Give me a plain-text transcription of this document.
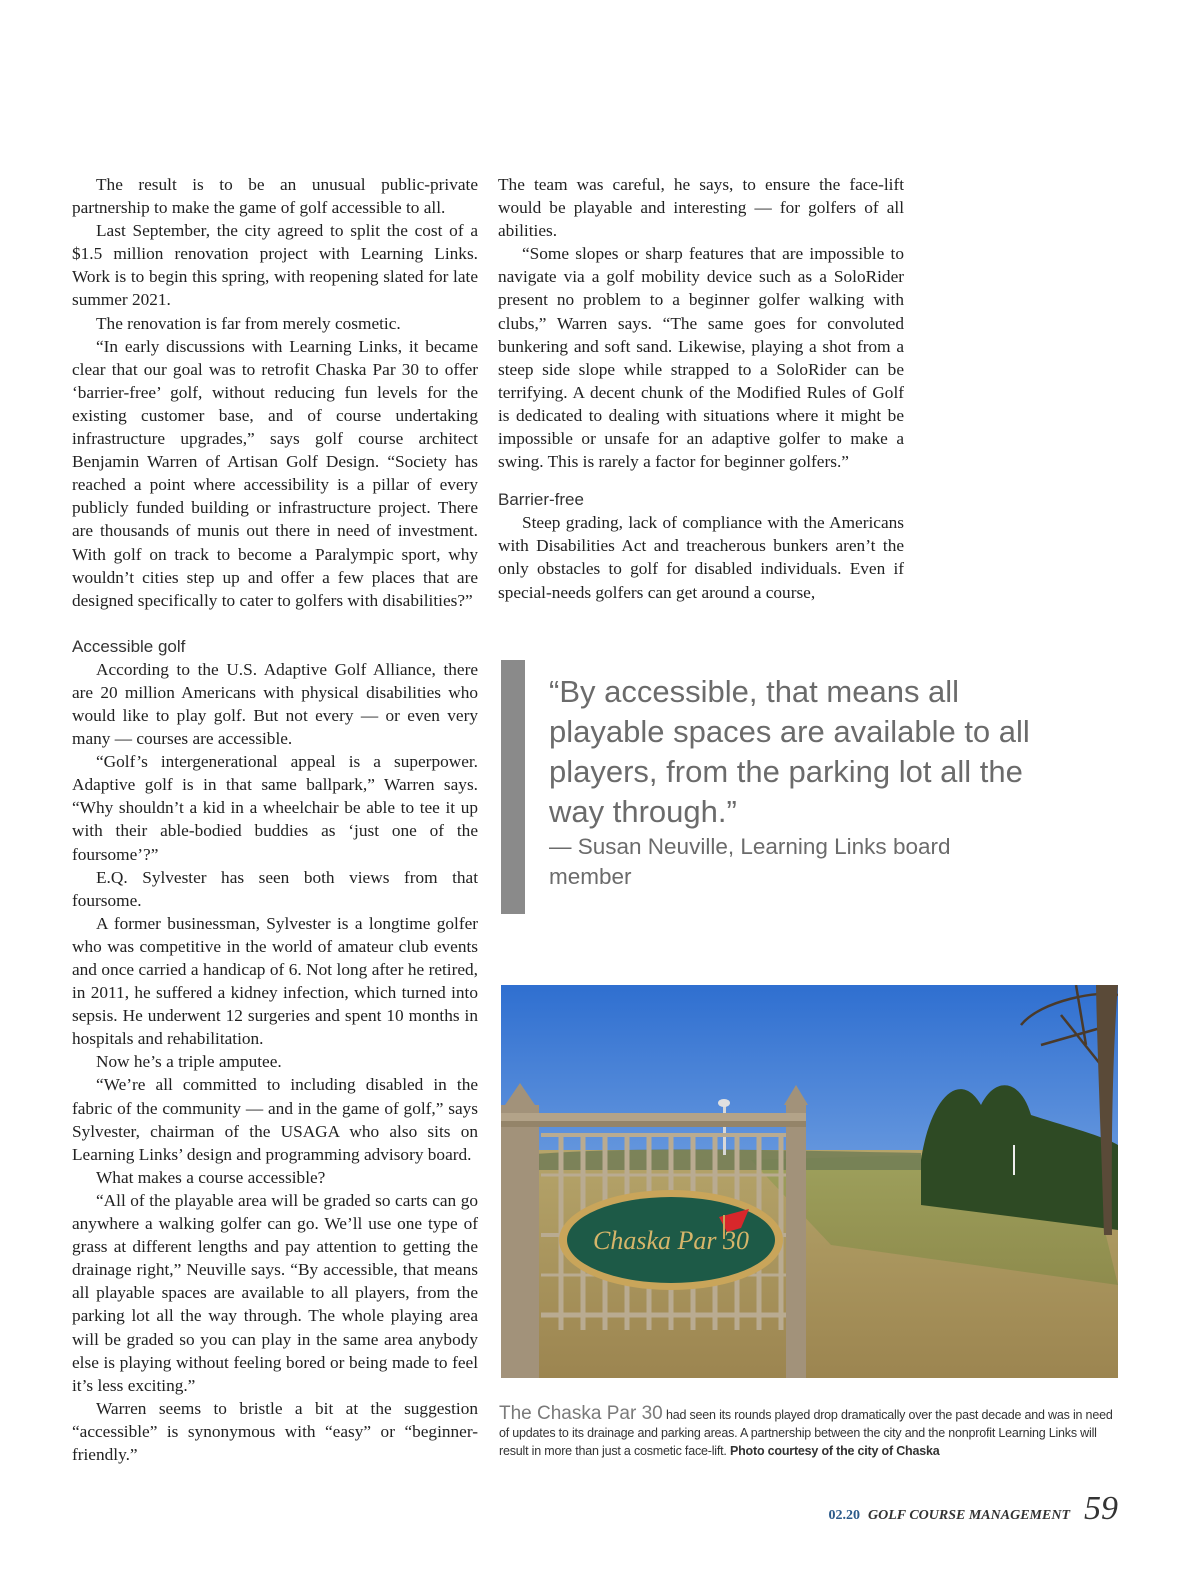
The result is to be an unusual public-private partnership to make the game of golf accessible to all.

Last September, the city agreed to split the cost of a $1.5 million renovation project with Learning Links. Work is to begin this spring, with reopening slated for late summer 2021.

The renovation is far from merely cosmetic.

“In early discussions with Learning Links, it became clear that our goal was to retrofit Chaska Par 30 to offer ‘barrier-free’ golf, without reducing fun levels for the existing customer base, and of course undertaking infrastructure upgrades,” says golf course architect Benjamin Warren of Artisan Golf Design. “Society has reached a point where accessibility is a pillar of every publicly funded building or infrastructure project. There are thousands of munis out there in need of investment. With golf on track to become a Paralympic sport, why wouldn’t cities step up and offer a few places that are designed specifically to cater to golfers with disabilities?”

Accessible golf

According to the U.S. Adaptive Golf Alliance, there are 20 million Americans with physical disabilities who would like to play golf. But not every — or even very many — courses are accessible.

“Golf’s intergenerational appeal is a superpower. Adaptive golf is in that same ballpark,” Warren says. “Why shouldn’t a kid in a wheelchair be able to tee it up with their able-bodied buddies as ‘just one of the foursome’?”

E.Q. Sylvester has seen both views from that foursome.

A former businessman, Sylvester is a longtime golfer who was competitive in the world of amateur club events and once carried a handicap of 6. Not long after he retired, in 2011, he suffered a kidney infection, which turned into sepsis. He underwent 12 surgeries and spent 10 months in hospitals and rehabilitation.

Now he’s a triple amputee.

“We’re all committed to including disabled in the fabric of the community — and in the game of golf,” says Sylvester, chairman of the USAGA who also sits on Learning Links’ design and programming advisory board.

What makes a course accessible?

“All of the playable area will be graded so carts can go anywhere a walking golfer can go. We’ll use one type of grass at different lengths and pay attention to getting the drainage right,” Neuville says. “By accessible, that means all playable spaces are available to all players, from the parking lot all the way through. The whole playing area will be graded so you can play in the same area anybody else is playing without feeling bored or being made to feel it’s less exciting.”

Warren seems to bristle a bit at the suggestion “accessible” is synonymous with “easy” or “beginner-friendly.”

The team was careful, he says, to ensure the face-lift would be playable and interesting — for golfers of all abilities.

“Some slopes or sharp features that are impossible to navigate via a golf mobility device such as a SoloRider present no problem to a beginner golfer walking with clubs,” Warren says. “The same goes for convoluted bunkering and soft sand. Likewise, playing a shot from a steep side slope while strapped to a SoloRider can be terrifying. A decent chunk of the Modified Rules of Golf is dedicated to dealing with situations where it might be impossible or unsafe for an adaptive golfer to make a swing. This is rarely a factor for beginner golfers.”

Barrier-free

Steep grading, lack of compliance with the Americans with Disabilities Act and treacherous bunkers aren’t the only obstacles to golf for disabled individuals. Even if special-needs golfers can get around a course,

“By accessible, that means all playable spaces are available to all players, from the parking lot all the way through.”

— Susan Neuville, Learning Links board member

Chaska Par 30

The Chaska Par 30 had seen its rounds played drop dramatically over the past decade and was in need of updates to its drainage and parking areas. A partnership between the city and the nonprofit Learning Links will result in more than just a cosmetic face-lift. Photo courtesy of the city of Chaska

02.20 GOLF COURSE MANAGEMENT 59
